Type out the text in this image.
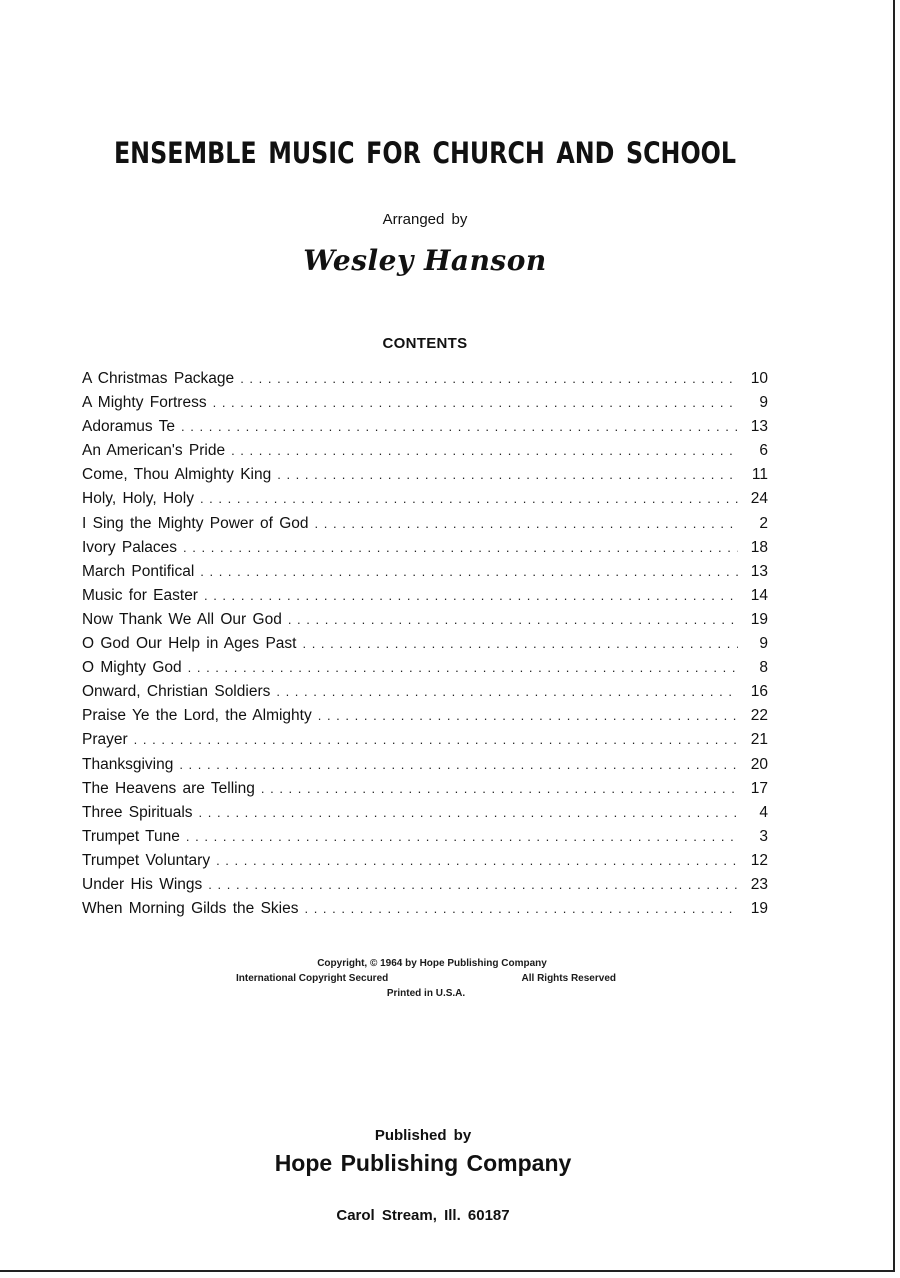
ENSEMBLE MUSIC FOR CHURCH AND SCHOOL
Arranged by
Wesley Hanson
CONTENTS
A Christmas Package . . .	10
A Mighty Fortress . . .	9
Adoramus Te . . .	13
An American's Pride . . .	6
Come, Thou Almighty King . . .	11
Holy, Holy, Holy . . .	24
I Sing the Mighty Power of God . . .	2
Ivory Palaces . . .	18
March Pontifical . . .	13
Music for Easter . . .	14
Now Thank We All Our God . . .	19
O God Our Help in Ages Past . . .	9
O Mighty God . . .	8
Onward, Christian Soldiers . . .	16
Praise Ye the Lord, the Almighty . . .	22
Prayer . . .	21
Thanksgiving . . .	20
The Heavens are Telling . . .	17
Three Spirituals . . .	4
Trumpet Tune . . .	3
Trumpet Voluntary . . .	12
Under His Wings . . .	23
When Morning Gilds the Skies . . .	19
Copyright, © 1964 by Hope Publishing Company
International Copyright Secured	All Rights Reserved
Printed in U.S.A.
Published by
Hope Publishing Company
Carol Stream, Ill. 60187
